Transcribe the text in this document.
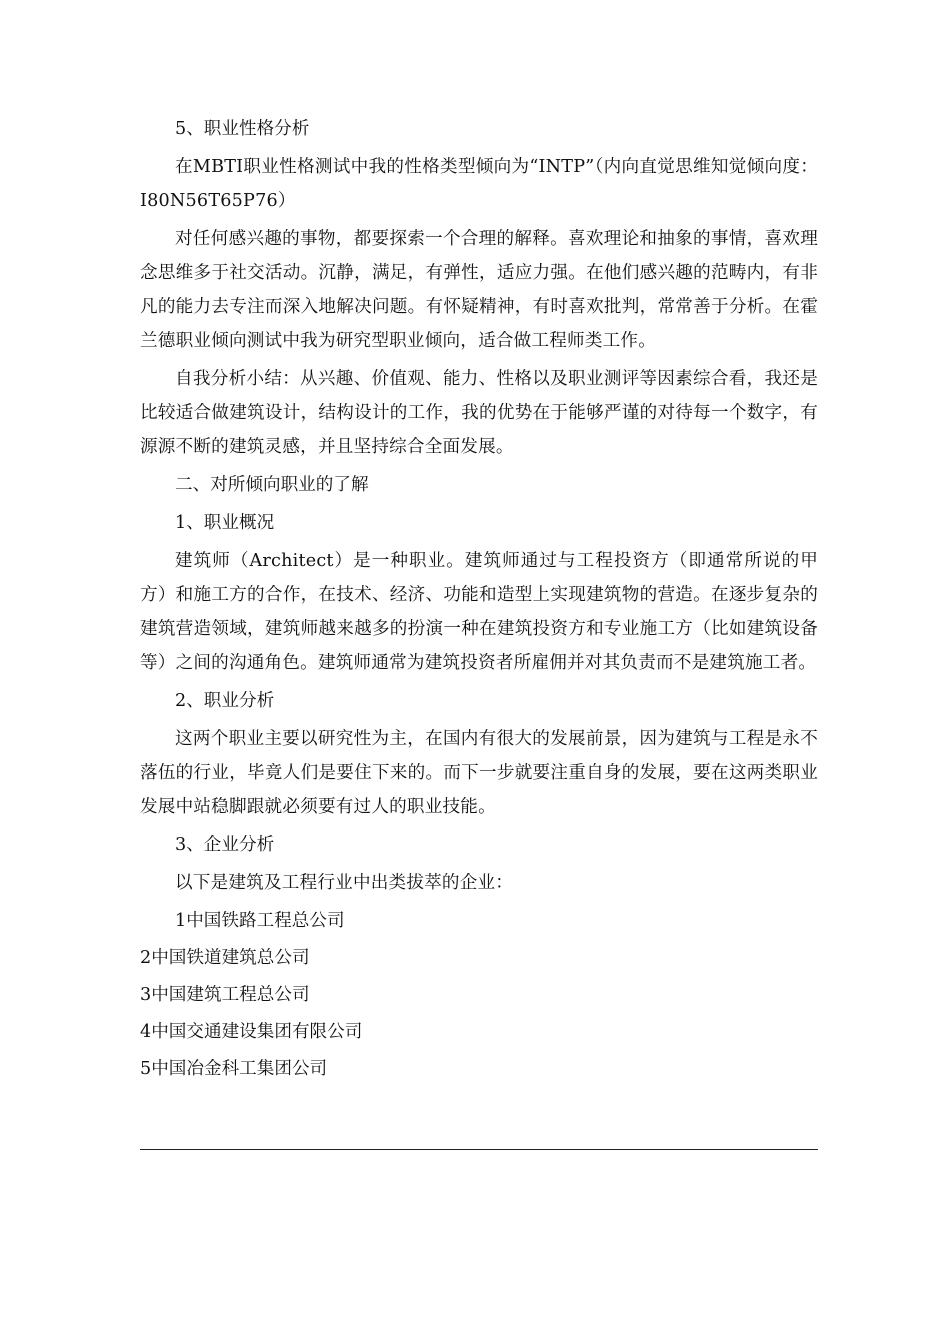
5、职业性格分析

在MBTI职业性格测试中我的性格类型倾向为“INTP”（内向直觉思维知觉倾向度：I80N56T65P76）

对任何感兴趣的事物，都要探索一个合理的解释。喜欢理论和抽象的事情，喜欢理念思维多于社交活动。沉静，满足，有弹性，适应力强。在他们感兴趣的范畴内，有非凡的能力去专注而深入地解决问题。有怀疑精神，有时喜欢批判，常常善于分析。在霍兰德职业倾向测试中我为研究型职业倾向，适合做工程师类工作。

自我分析小结：从兴趣、价值观、能力、性格以及职业测评等因素综合看，我还是比较适合做建筑设计，结构设计的工作，我的优势在于能够严谨的对待每一个数字，有源源不断的建筑灵感，并且坚持综合全面发展。

二、对所倾向职业的了解

1、职业概况

建筑师（Architect）是一种职业。建筑师通过与工程投资方（即通常所说的甲方）和施工方的合作，在技术、经济、功能和造型上实现建筑物的营造。在逐步复杂的建筑营造领域，建筑师越来越多的扮演一种在建筑投资方和专业施工方（比如建筑设备等）之间的沟通角色。建筑师通常为建筑投资者所雇佣并对其负责而不是建筑施工者。

2、职业分析

这两个职业主要以研究性为主，在国内有很大的发展前景，因为建筑与工程是永不落伍的行业，毕竟人们是要住下来的。而下一步就要注重自身的发展，要在这两类职业发展中站稳脚跟就必须要有过人的职业技能。

3、企业分析

以下是建筑及工程行业中出类拔萃的企业：

1中国铁路工程总公司

2中国铁道建筑总公司

3中国建筑工程总公司

4中国交通建设集团有限公司

5中国冶金科工集团公司
